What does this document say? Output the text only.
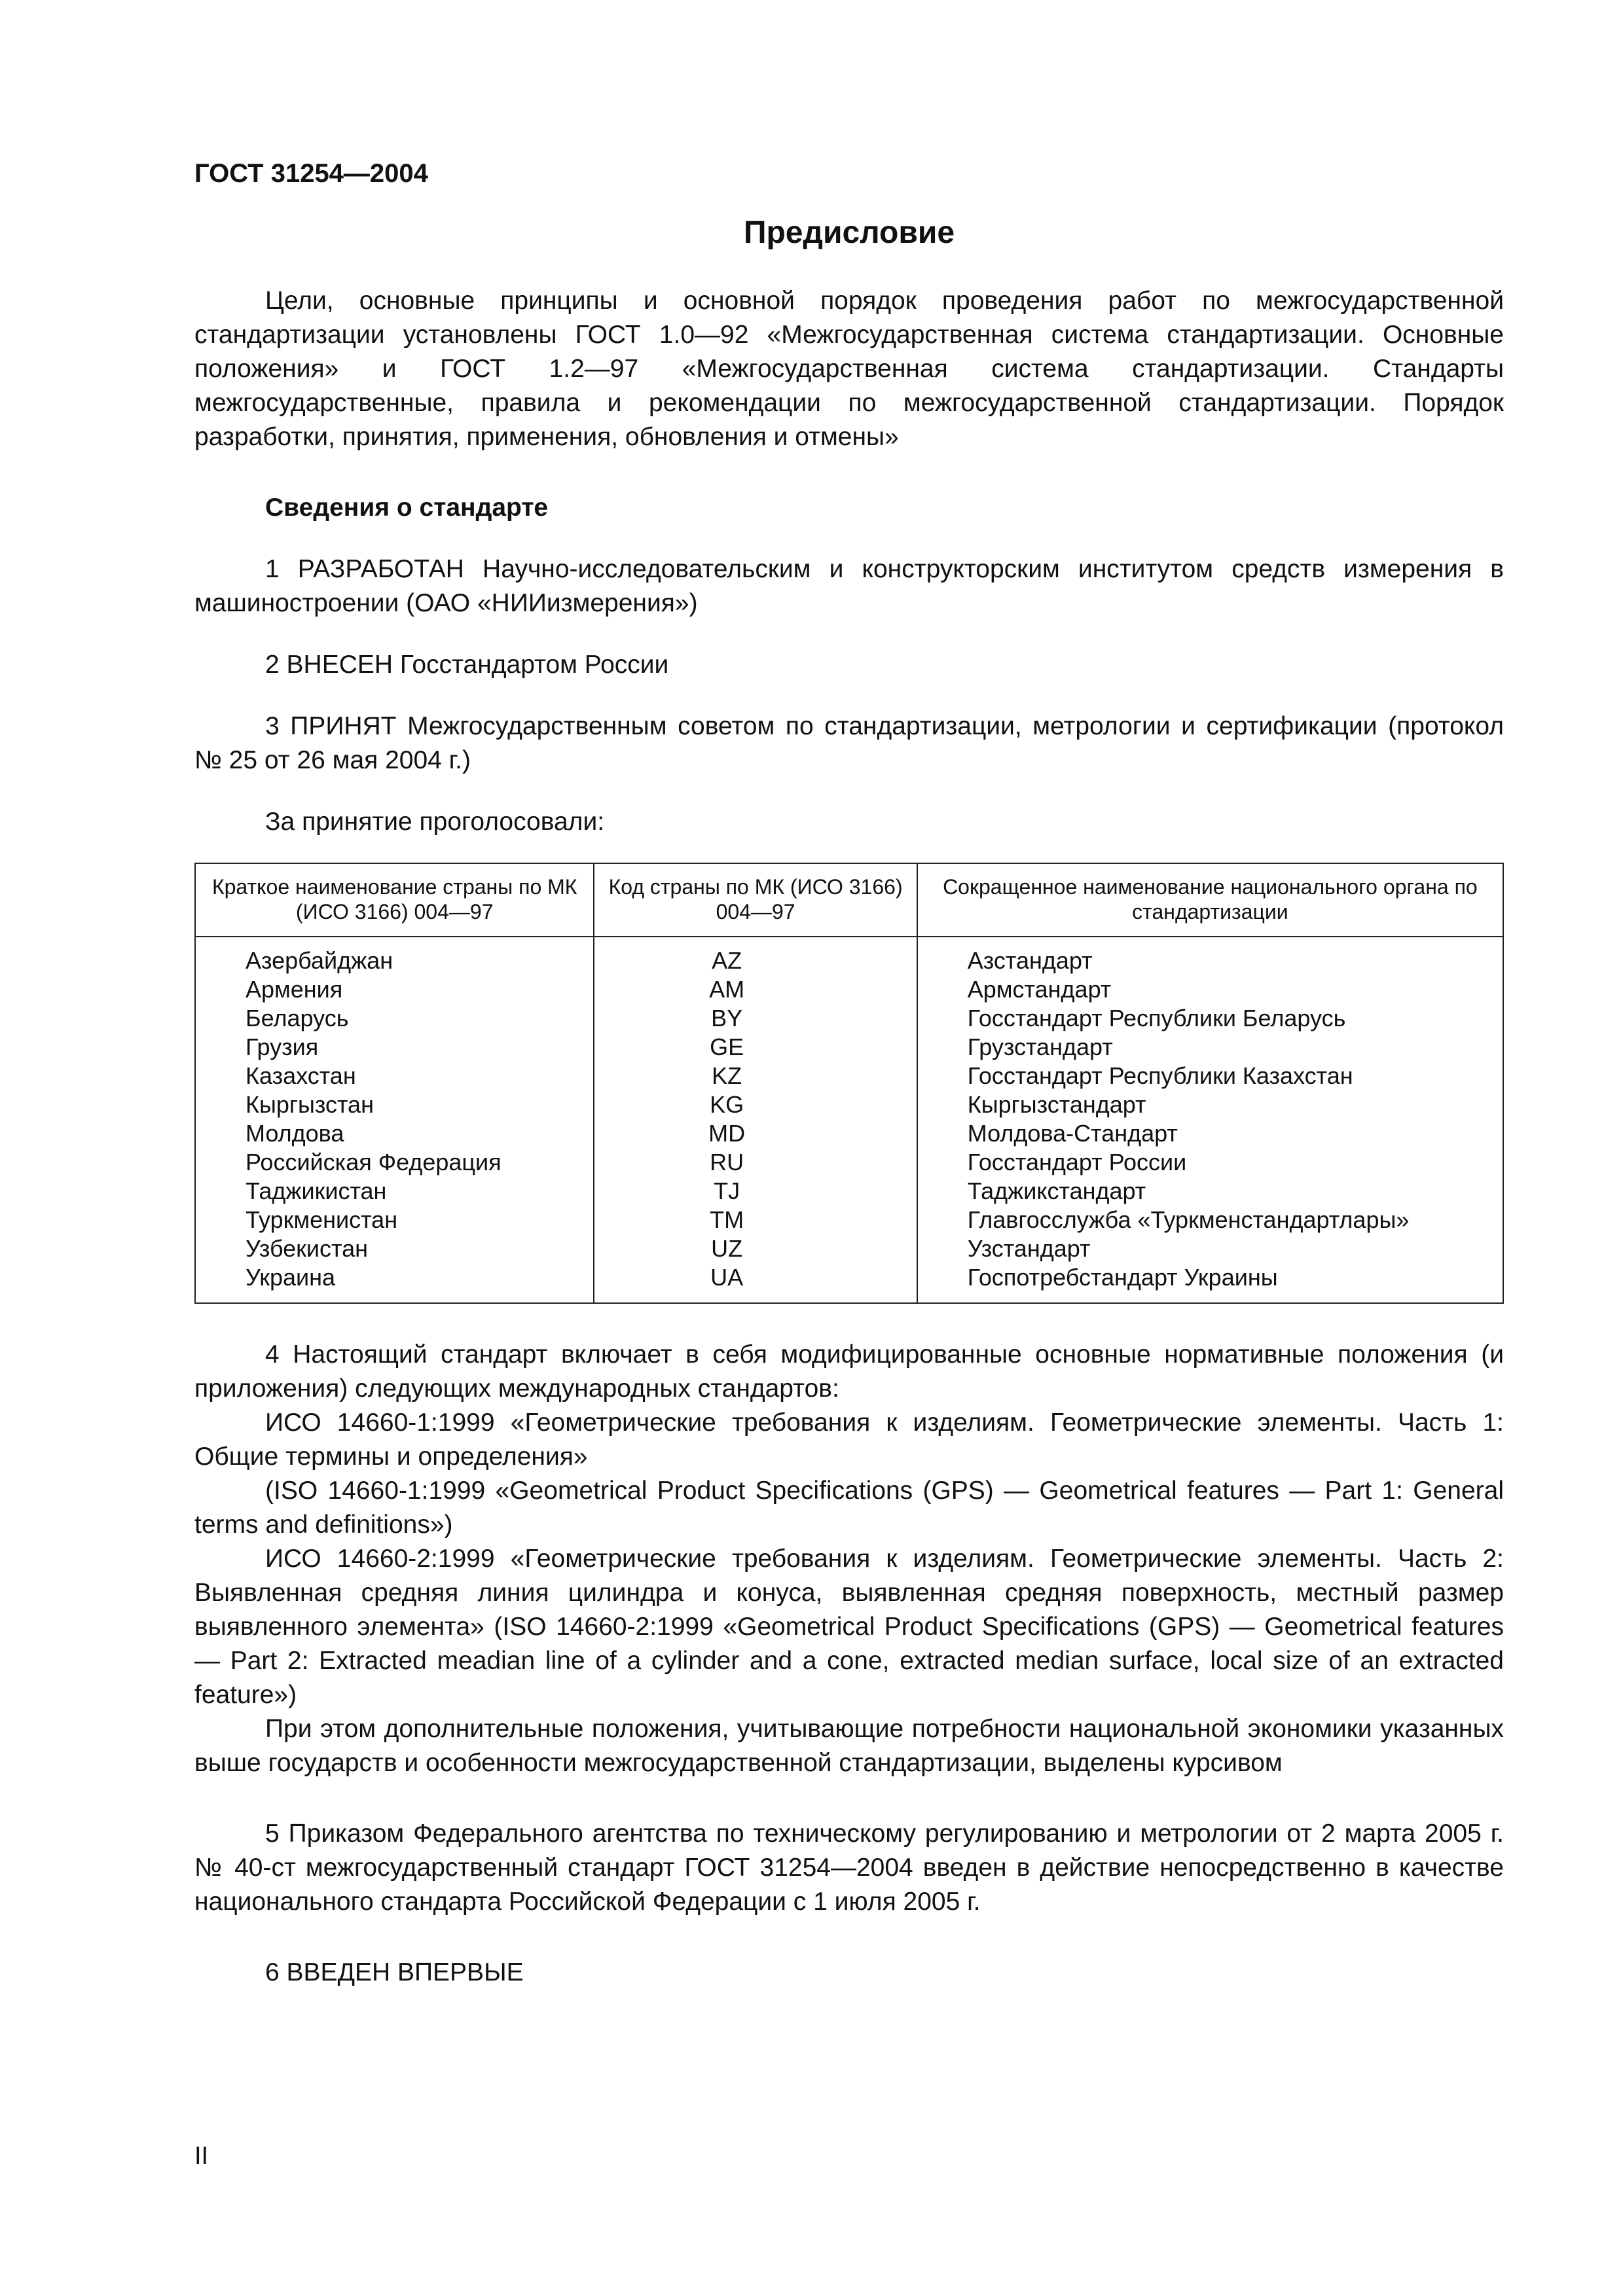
ГОСТ 31254—2004
Предисловие

Цели, основные принципы и основной порядок проведения работ по межгосударственной стандартизации установлены ГОСТ 1.0—92 «Межгосударственная система стандартизации. Основные положения» и ГОСТ 1.2—97 «Межгосударственная система стандартизации. Стандарты межгосударственные, правила и рекомендации по межгосударственной стандартизации. Порядок разработки, принятия, применения, обновления и отмены»

Сведения о стандарте

1 РАЗРАБОТАН Научно-исследовательским и конструкторским институтом средств измерения в машиностроении (ОАО «НИИизмерения»)

2 ВНЕСЕН Госстандартом России

3 ПРИНЯТ Межгосударственным советом по стандартизации, метрологии и сертификации (протокол № 25 от 26 мая 2004 г.)

За принятие проголосовали:

Краткое наименование страны по МК (ИСО 3166) 004—97	Код страны по МК (ИСО 3166) 004—97	Сокращенное наименование национального органа по стандартизации
Азербайджан	AZ	Азстандарт
Армения	AM	Армстандарт
Беларусь	BY	Госстандарт Республики Беларусь
Грузия	GE	Грузстандарт
Казахстан	KZ	Госстандарт Республики Казахстан
Кыргызстан	KG	Кыргызстандарт
Молдова	MD	Молдова-Стандарт
Российская Федерация	RU	Госстандарт России
Таджикистан	TJ	Таджикстандарт
Туркменистан	TM	Главгосслужба «Туркменстандартлары»
Узбекистан	UZ	Узстандарт
Украина	UA	Госпотребстандарт Украины

4 Настоящий стандарт включает в себя модифицированные основные нормативные положения (и приложения) следующих международных стандартов:

ИСО 14660-1:1999 «Геометрические требования к изделиям. Геометрические элементы. Часть 1: Общие термины и определения»

(ISO 14660-1:1999 «Geometrical Product Specifications (GPS) — Geometrical features — Part 1: General terms and definitions»)

ИСО 14660-2:1999 «Геометрические требования к изделиям. Геометрические элементы. Часть 2: Выявленная средняя линия цилиндра и конуса, выявленная средняя поверхность, местный размер выявленного элемента» (ISO 14660-2:1999 «Geometrical Product Specifications (GPS) — Geometrical features — Part 2: Extracted meadian line of a cylinder and a cone, extracted median surface, local size of an extracted feature»)

При этом дополнительные положения, учитывающие потребности национальной экономики указанных выше государств и особенности межгосударственной стандартизации, выделены курсивом

5 Приказом Федерального агентства по техническому регулированию и метрологии от 2 марта 2005 г. № 40-ст межгосударственный стандарт ГОСТ 31254—2004 введен в действие непосредственно в качестве национального стандарта Российской Федерации с 1 июля 2005 г.

6 ВВЕДЕН ВПЕРВЫЕ

II
